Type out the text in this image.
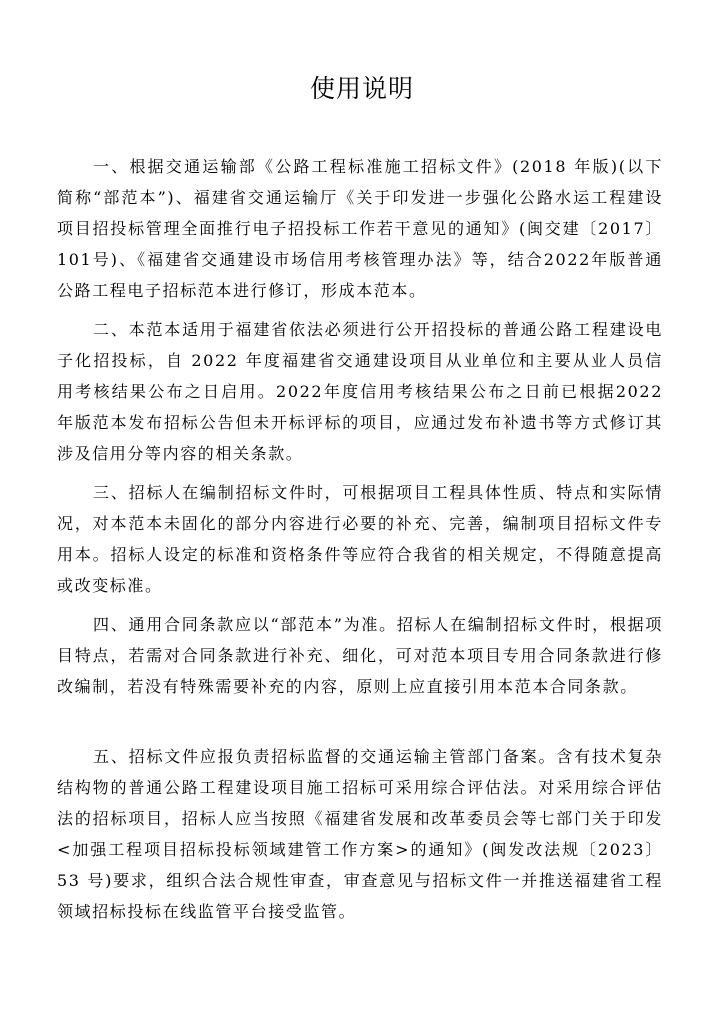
使用说明

一、根据交通运输部《公路工程标准施工招标文件》(2018 年版)(以下简称“部范本”)、福建省交通运输厅《关于印发进一步强化公路水运工程建设项目招投标管理全面推行电子招投标工作若干意见的通知》(闽交建〔2017〕101号)、《福建省交通建设市场信用考核管理办法》等，结合2022年版普通公路工程电子招标范本进行修订，形成本范本。

二、本范本适用于福建省依法必须进行公开招投标的普通公路工程建设电子化招投标，自 2022 年度福建省交通建设项目从业单位和主要从业人员信用考核结果公布之日启用。2022年度信用考核结果公布之日前已根据2022 年版范本发布招标公告但未开标评标的项目，应通过发布补遗书等方式修订其涉及信用分等内容的相关条款。

三、招标人在编制招标文件时，可根据项目工程具体性质、特点和实际情况，对本范本未固化的部分内容进行必要的补充、完善，编制项目招标文件专用本。招标人设定的标准和资格条件等应符合我省的相关规定，不得随意提高或改变标准。

四、通用合同条款应以“部范本”为准。招标人在编制招标文件时，根据项目特点，若需对合同条款进行补充、细化，可对范本项目专用合同条款进行修改编制，若没有特殊需要补充的内容，原则上应直接引用本范本合同条款。

五、招标文件应报负责招标监督的交通运输主管部门备案。含有技术复杂结构物的普通公路工程建设项目施工招标可采用综合评估法。对采用综合评估法的招标项目，招标人应当按照《福建省发展和改革委员会等七部门关于印发<加强工程项目招标投标领域建管工作方案>的通知》(闽发改法规〔2023〕53 号)要求，组织合法合规性审查，审查意见与招标文件一并推送福建省工程领域招标投标在线监管平台接受监管。
